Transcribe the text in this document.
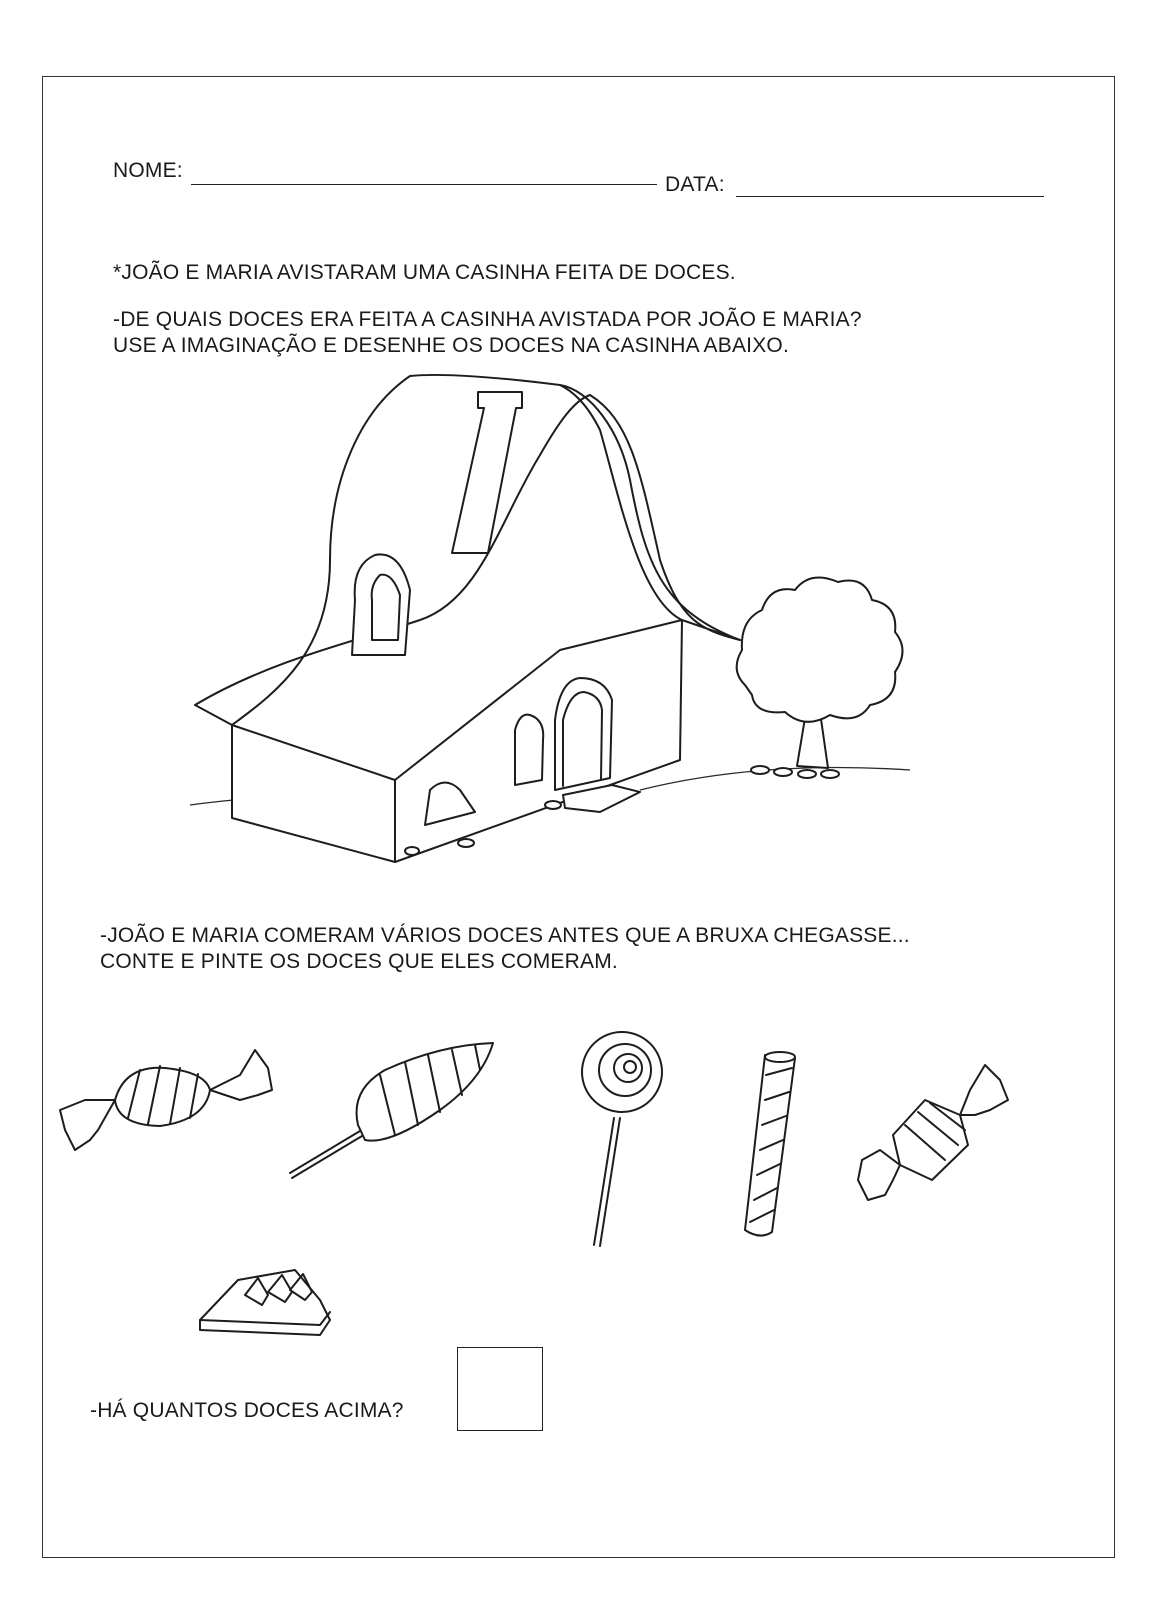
NOME:
DATA:
*JOÃO E MARIA AVISTARAM UMA CASINHA FEITA DE DOCES.
-DE QUAIS DOCES ERA FEITA A CASINHA AVISTADA POR JOÃO E MARIA?
USE A IMAGINAÇÃO E DESENHE OS DOCES NA CASINHA ABAIXO.
-JOÃO E MARIA COMERAM VÁRIOS DOCES ANTES QUE A BRUXA CHEGASSE...
CONTE E PINTE OS DOCES QUE ELES COMERAM.
-HÁ QUANTOS DOCES ACIMA?
